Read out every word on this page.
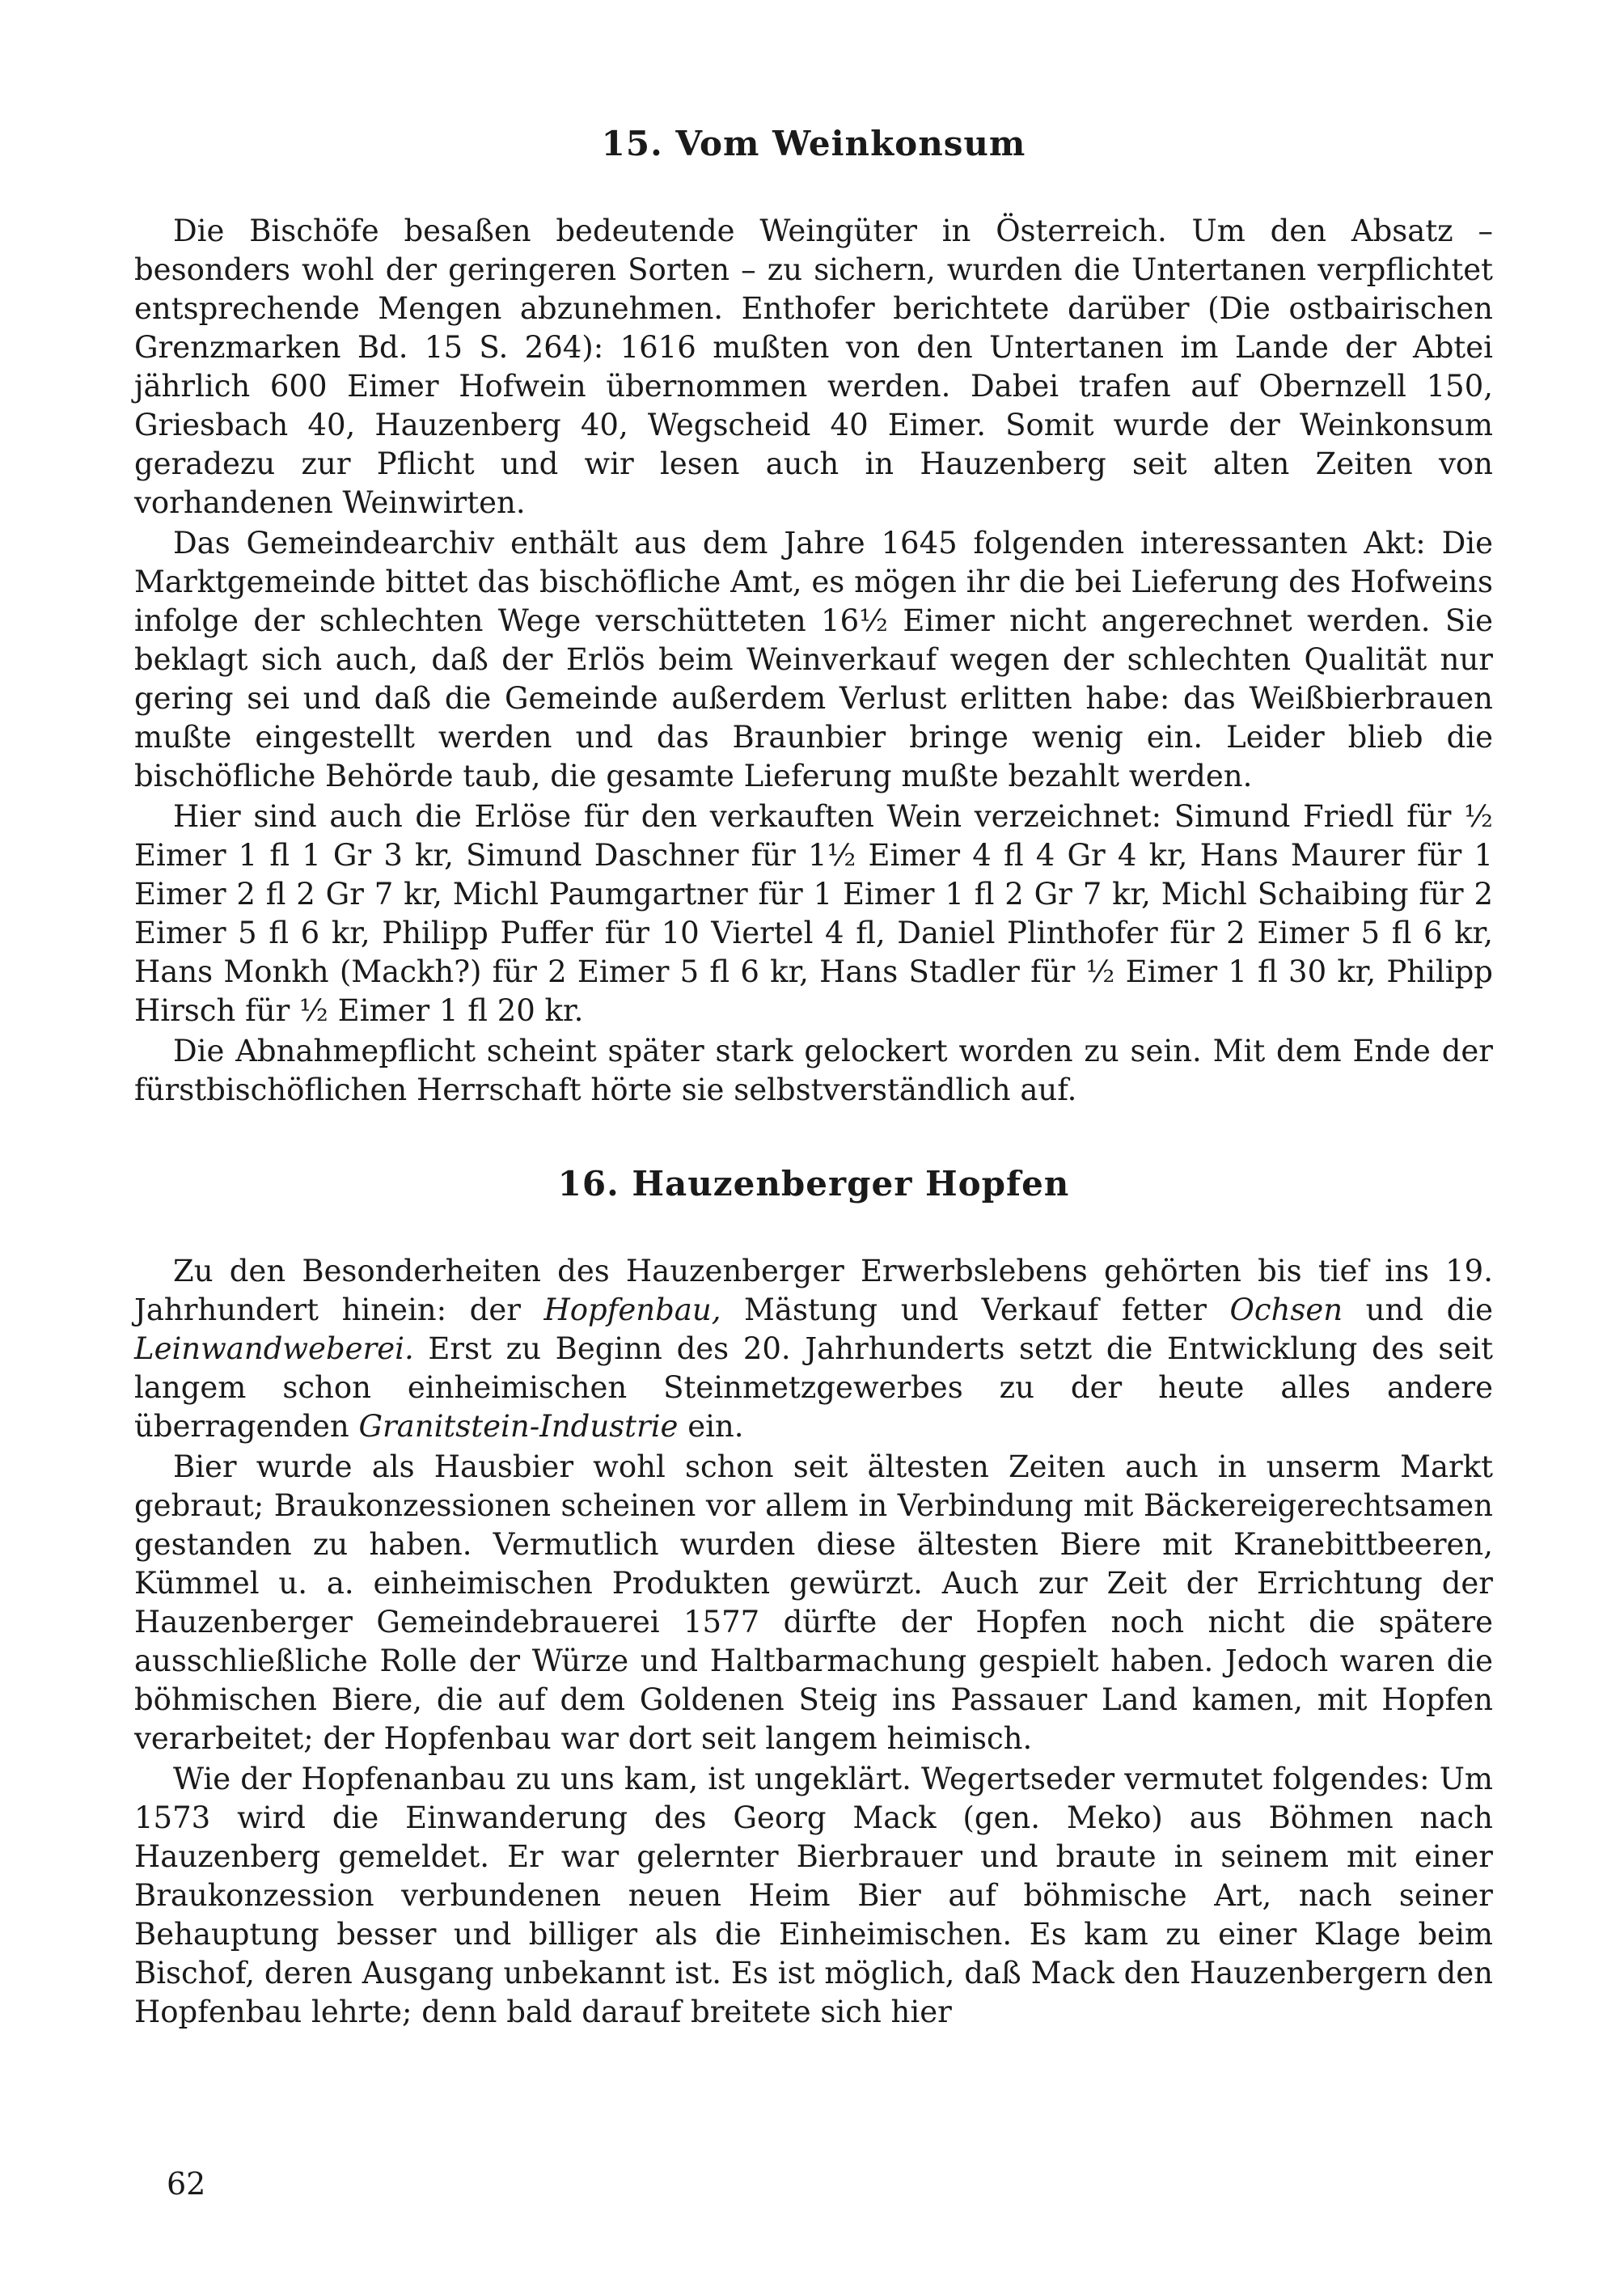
15. Vom Weinkonsum

Die Bischöfe besaßen bedeutende Weingüter in Österreich. Um den Absatz – besonders wohl der geringeren Sorten – zu sichern, wurden die Untertanen verpflichtet entsprechende Mengen abzunehmen. Enthofer berichtete darüber (Die ostbairischen Grenzmarken Bd. 15 S. 264): 1616 mußten von den Untertanen im Lande der Abtei jährlich 600 Eimer Hofwein übernommen werden. Dabei trafen auf Obernzell 150, Griesbach 40, Hauzenberg 40, Wegscheid 40 Eimer. Somit wurde der Weinkonsum geradezu zur Pflicht und wir lesen auch in Hauzenberg seit alten Zeiten von vorhandenen Weinwirten.

Das Gemeindearchiv enthält aus dem Jahre 1645 folgenden interessanten Akt: Die Marktgemeinde bittet das bischöfliche Amt, es mögen ihr die bei Lieferung des Hofweins infolge der schlechten Wege verschütteten 16½ Eimer nicht angerechnet werden. Sie beklagt sich auch, daß der Erlös beim Weinverkauf wegen der schlechten Qualität nur gering sei und daß die Gemeinde außerdem Verlust erlitten habe: das Weißbierbrauen mußte eingestellt werden und das Braunbier bringe wenig ein. Leider blieb die bischöfliche Behörde taub, die gesamte Lieferung mußte bezahlt werden.

Hier sind auch die Erlöse für den verkauften Wein verzeichnet: Simund Friedl für ½ Eimer 1 fl 1 Gr 3 kr, Simund Daschner für 1½ Eimer 4 fl 4 Gr 4 kr, Hans Maurer für 1 Eimer 2 fl 2 Gr 7 kr, Michl Paumgartner für 1 Eimer 1 fl 2 Gr 7 kr, Michl Schaibing für 2 Eimer 5 fl 6 kr, Philipp Puffer für 10 Viertel 4 fl, Daniel Plinthofer für 2 Eimer 5 fl 6 kr, Hans Monkh (Mackh?) für 2 Eimer 5 fl 6 kr, Hans Stadler für ½ Eimer 1 fl 30 kr, Philipp Hirsch für ½ Eimer 1 fl 20 kr.

Die Abnahmepflicht scheint später stark gelockert worden zu sein. Mit dem Ende der fürstbischöflichen Herrschaft hörte sie selbstverständlich auf.

16. Hauzenberger Hopfen

Zu den Besonderheiten des Hauzenberger Erwerbslebens gehörten bis tief ins 19. Jahrhundert hinein: der Hopfenbau, Mästung und Verkauf fetter Ochsen und die Leinwandweberei. Erst zu Beginn des 20. Jahrhunderts setzt die Entwicklung des seit langem schon einheimischen Steinmetzgewerbes zu der heute alles andere überragenden Granitstein-Industrie ein.

Bier wurde als Hausbier wohl schon seit ältesten Zeiten auch in unserm Markt gebraut; Braukonzessionen scheinen vor allem in Verbindung mit Bäckereigerechtsamen gestanden zu haben. Vermutlich wurden diese ältesten Biere mit Kranebittbeeren, Kümmel u. a. einheimischen Produkten gewürzt. Auch zur Zeit der Errichtung der Hauzenberger Gemeindebrauerei 1577 dürfte der Hopfen noch nicht die spätere ausschließliche Rolle der Würze und Haltbarmachung gespielt haben. Jedoch waren die böhmischen Biere, die auf dem Goldenen Steig ins Passauer Land kamen, mit Hopfen verarbeitet; der Hopfenbau war dort seit langem heimisch.

Wie der Hopfenanbau zu uns kam, ist ungeklärt. Wegertseder vermutet folgendes: Um 1573 wird die Einwanderung des Georg Mack (gen. Meko) aus Böhmen nach Hauzenberg gemeldet. Er war gelernter Bierbrauer und braute in seinem mit einer Braukonzession verbundenen neuen Heim Bier auf böhmische Art, nach seiner Behauptung besser und billiger als die Einheimischen. Es kam zu einer Klage beim Bischof, deren Ausgang unbekannt ist. Es ist möglich, daß Mack den Hauzenbergern den Hopfenbau lehrte; denn bald darauf breitete sich hier

62
